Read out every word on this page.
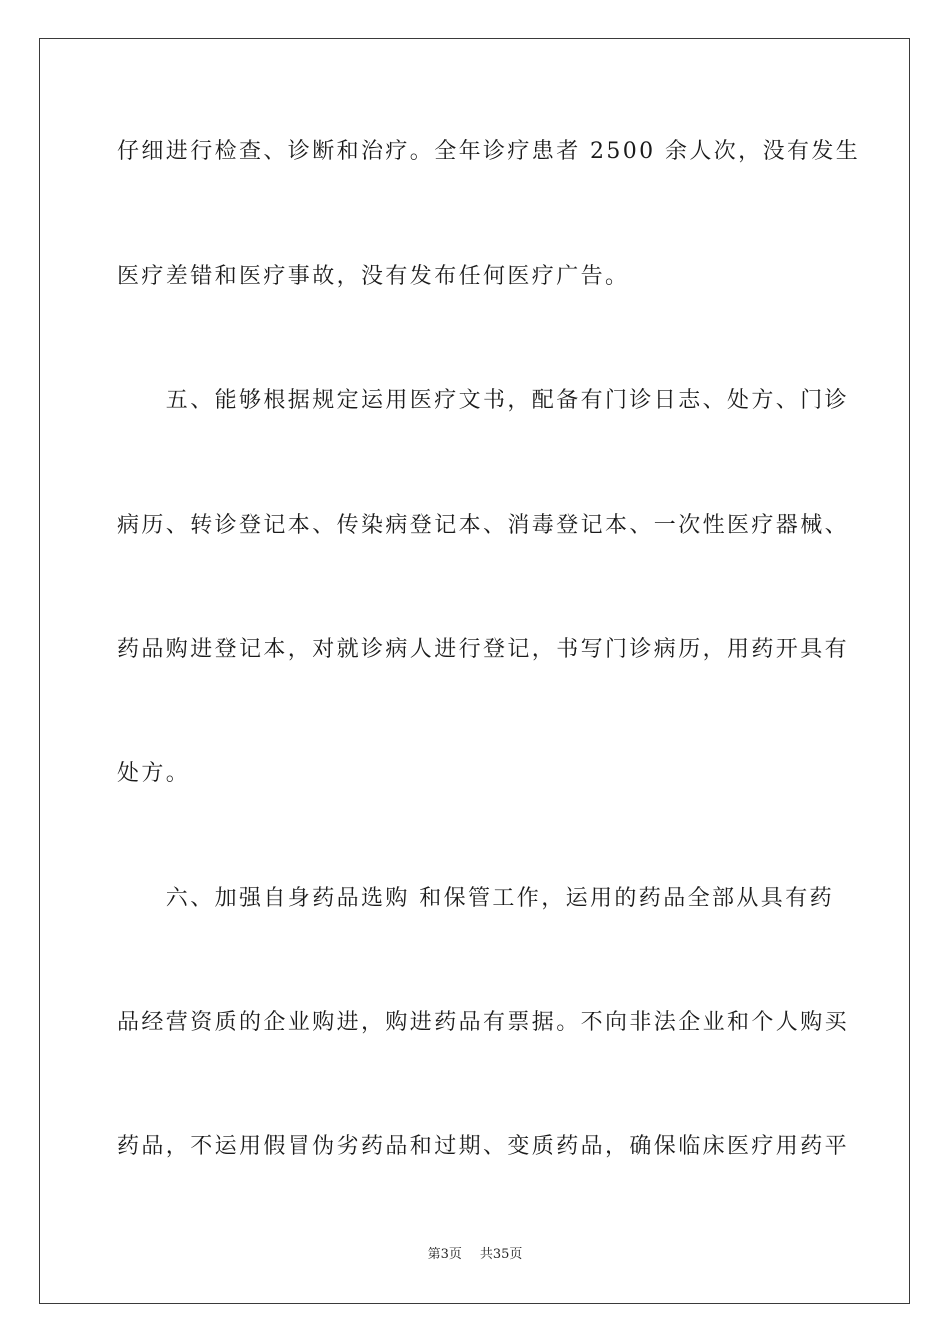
仔细进行检查、诊断和治疗。全年诊疗患者 2500 余人次，没有发生
医疗差错和医疗事故，没有发布任何医疗广告。
　　五、能够根据规定运用医疗文书，配备有门诊日志、处方、门诊
病历、转诊登记本、传染病登记本、消毒登记本、一次性医疗器械、
药品购进登记本，对就诊病人进行登记，书写门诊病历，用药开具有
处方。
　　六、加强自身药品选购 和保管工作，运用的药品全部从具有药
品经营资质的企业购进，购进药品有票据。不向非法企业和个人购买
药品，不运用假冒伪劣药品和过期、变质药品，确保临床医疗用药平
第3页 共35页
